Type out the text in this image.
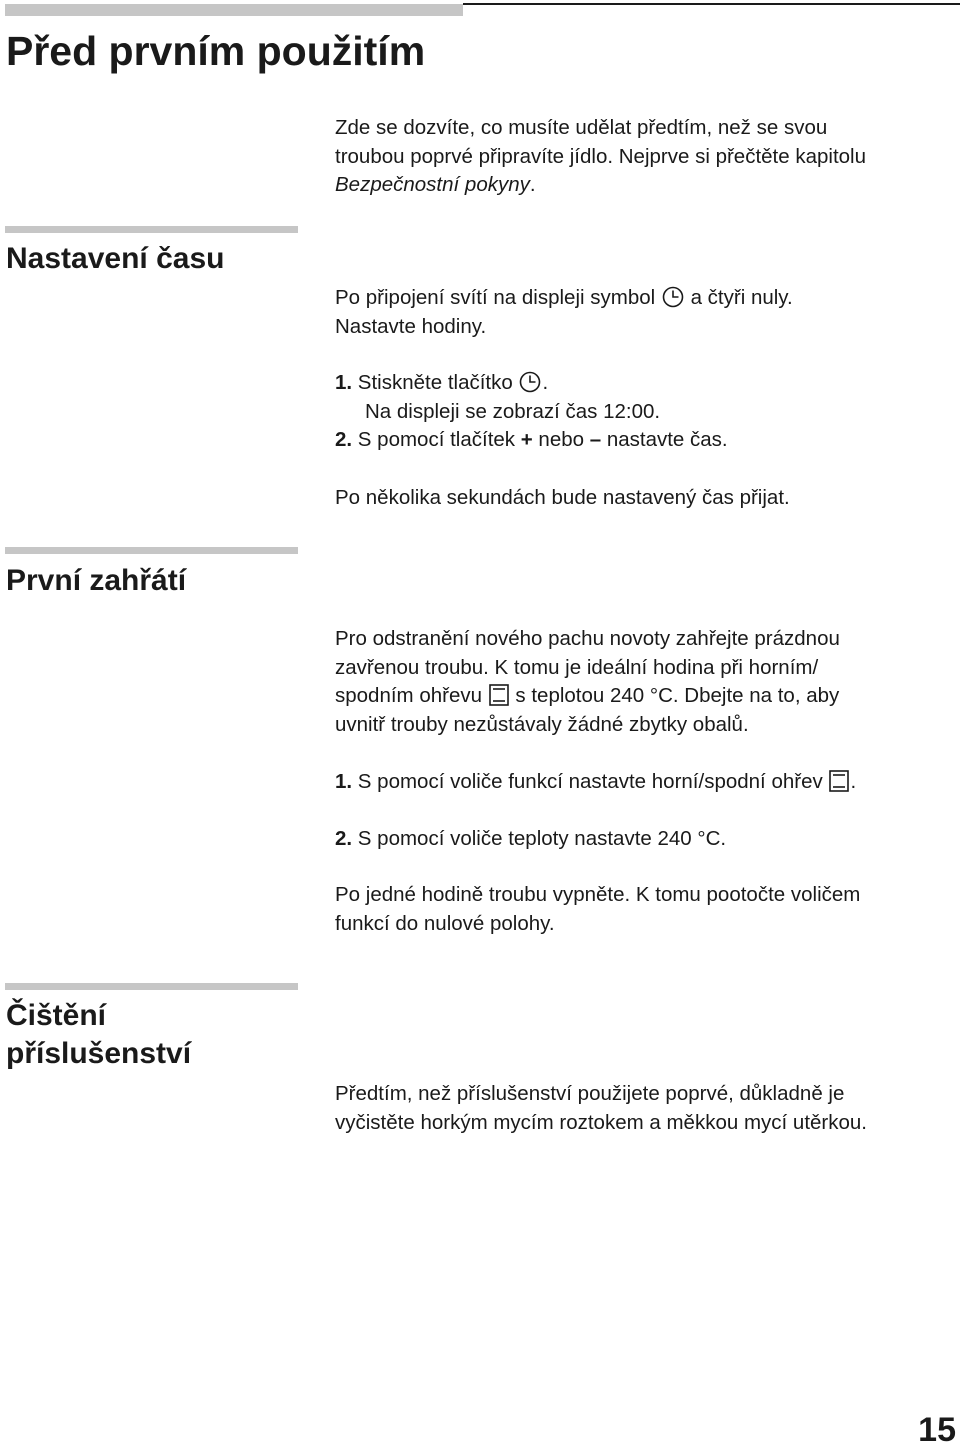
Před prvním použitím

Zde se dozvíte, co musíte udělat předtím, než se svou
troubou poprvé připravíte jídlo. Nejprve si přečtěte kapitolu
Bezpečnostní pokyny.

Nastavení času

Po připojení svítí na displeji symbol  a čtyři nuly.
Nastavte hodiny.

1. Stiskněte tlačítko .
Na displeji se zobrazí čas 12:00.
2. S pomocí tlačítek + nebo – nastavte čas.

Po několika sekundách bude nastavený čas přijat.

První zahřátí

Pro odstranění nového pachu novoty zahřejte prázdnou
zavřenou troubu. K tomu je ideální hodina při horním/
spodním ohřevu  s teplotou 240 °C. Dbejte na to, aby
uvnitř trouby nezůstávaly žádné zbytky obalů.

1. S pomocí voliče funkcí nastavte horní/spodní ohřev .

2. S pomocí voliče teploty nastavte 240 °C.

Po jedné hodině troubu vypněte. K tomu pootočte voličem
funkcí do nulové polohy.

Čištění
příslušenství

Předtím, než příslušenství použijete poprvé, důkladně je
vyčistěte horkým mycím roztokem a měkkou mycí utěrkou.

15
